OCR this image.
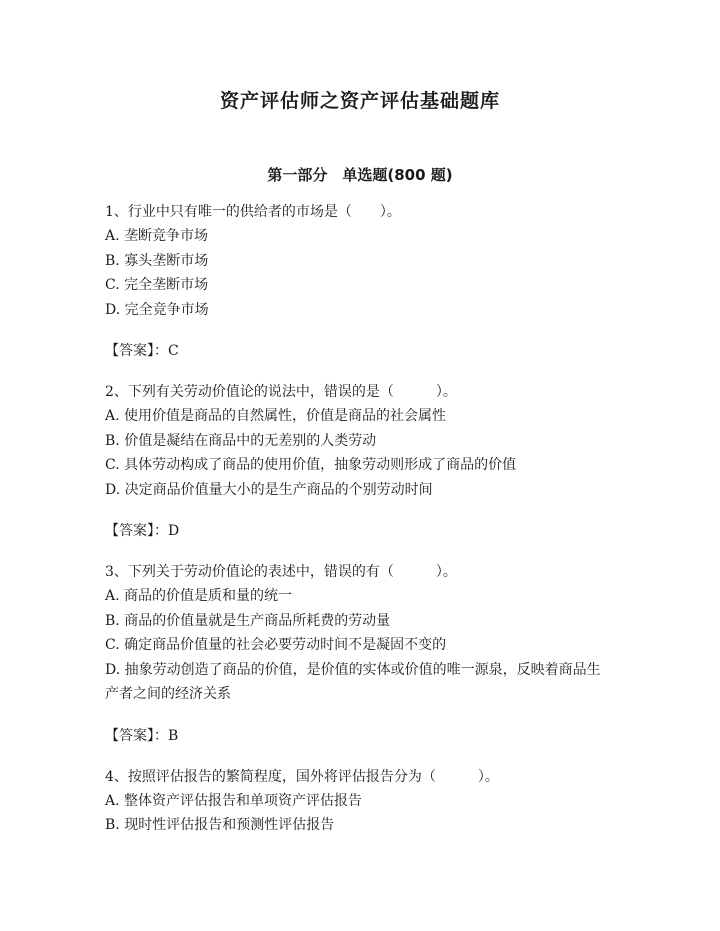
资产评估师之资产评估基础题库
第一部分　单选题(800 题)
1、行业中只有唯一的供给者的市场是（　　）。
A. 垄断竞争市场
B. 寡头垄断市场
C. 完全垄断市场
D. 完全竞争市场
【答案】：C
2、下列有关劳动价值论的说法中，错误的是（　　　）。
A. 使用价值是商品的自然属性，价值是商品的社会属性
B. 价值是凝结在商品中的无差别的人类劳动
C. 具体劳动构成了商品的使用价值，抽象劳动则形成了商品的价值
D. 决定商品价值量大小的是生产商品的个别劳动时间
【答案】：D
3、下列关于劳动价值论的表述中，错误的有（　　　）。
A. 商品的价值是质和量的统一
B. 商品的价值量就是生产商品所耗费的劳动量
C. 确定商品价值量的社会必要劳动时间不是凝固不变的
D. 抽象劳动创造了商品的价值，是价值的实体或价值的唯一源泉，反映着商品生产者之间的经济关系
【答案】：B
4、按照评估报告的繁简程度，国外将评估报告分为（　　　）。
A. 整体资产评估报告和单项资产评估报告
B. 现时性评估报告和预测性评估报告
